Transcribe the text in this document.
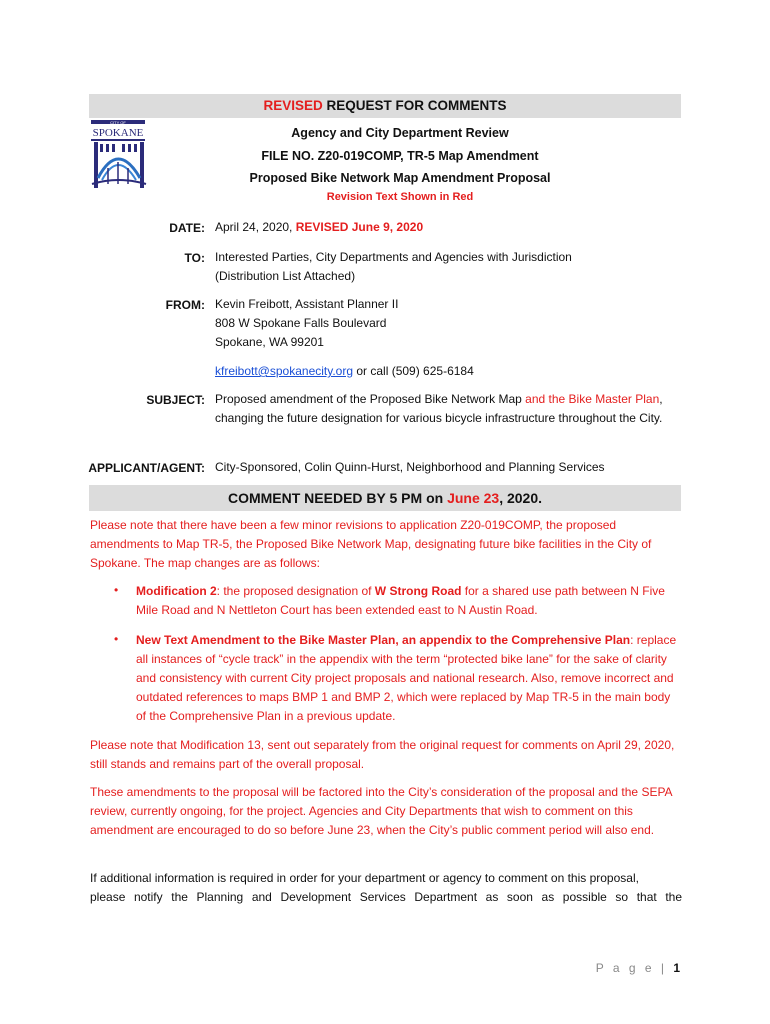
REVISED REQUEST FOR COMMENTS
CITY OF
SPOKANE	Agency and City Department Review
FILE NO. Z20-019COMP, TR-5 Map Amendment
Proposed Bike Network Map Amendment Proposal
Revision Text Shown in Red
DATE: April 24, 2020, REVISED June 9, 2020
TO: Interested Parties, City Departments and Agencies with Jurisdiction
(Distribution List Attached)
FROM: Kevin Freibott, Assistant Planner II
808 W Spokane Falls Boulevard
Spokane, WA 99201
kfreibott@spokanecity.org or call (509) 625-6184
SUBJECT: Proposed amendment of the Proposed Bike Network Map and the Bike Master Plan, changing the future designation for various bicycle infrastructure throughout the City.
APPLICANT/AGENT: City-Sponsored, Colin Quinn-Hurst, Neighborhood and Planning Services
COMMENT NEEDED BY 5 PM on June 23, 2020.
Please note that there have been a few minor revisions to application Z20-019COMP, the proposed amendments to Map TR-5, the Proposed Bike Network Map, designating future bike facilities in the City of Spokane. The map changes are as follows:
• Modification 2: the proposed designation of W Strong Road for a shared use path between N Five Mile Road and N Nettleton Court has been extended east to N Austin Road.
• New Text Amendment to the Bike Master Plan, an appendix to the Comprehensive Plan: replace all instances of “cycle track” in the appendix with the term “protected bike lane” for the sake of clarity and consistency with current City project proposals and national research. Also, remove incorrect and outdated references to maps BMP 1 and BMP 2, which were replaced by Map TR-5 in the main body of the Comprehensive Plan in a previous update.
Please note that Modification 13, sent out separately from the original request for comments on April 29, 2020, still stands and remains part of the overall proposal.
These amendments to the proposal will be factored into the City’s consideration of the proposal and the SEPA review, currently ongoing, for the project. Agencies and City Departments that wish to comment on this amendment are encouraged to do so before June 23, when the City’s public comment period will also end.
If additional information is required in order for your department or agency to comment on this proposal,
please notify the Planning and Development Services Department as soon as possible so that the
P a g e | 1
